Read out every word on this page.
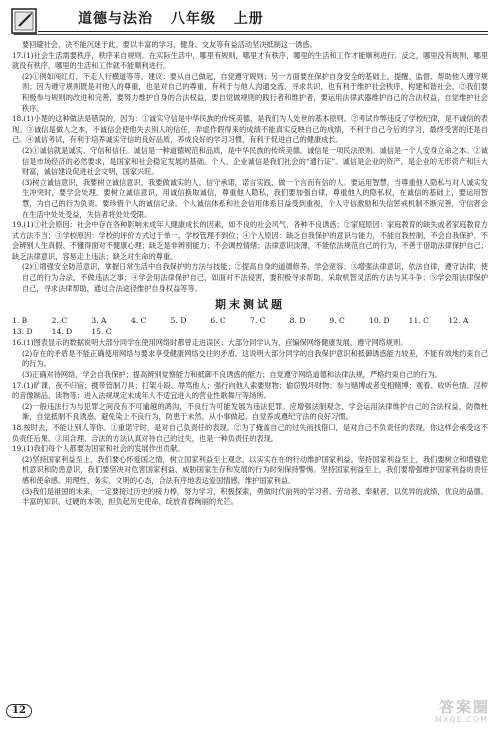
道德与法治 八年级 上册

要回避社会，决不能沉迷于此。要以丰富的学习、健身、交友等有益活动坚决抵制这一诱惑。

17.(1)社会生活需要秩序，秩序来自规则。在实际生活中，哪里有规则，哪里才有秩序，哪里的生活和工作才能顺利进行。反之，哪里没有规则，哪里就没有秩序，哪里的生活和工作就不能顺利进行。

(2)①例如闯红灯，不走人行横道等等。建议：要从自己做起，自觉遵守规则；另一方面要在保护自身安全的基础上，提醒、监督、帮助他人遵守规则；因为遵守规则既是对他人的尊重，也是对自己的尊重，有利于与他人沟通交流、寻求共识，也有利于维护社会秩序，构建和谐社会。②我们要积极参与规则的改进和完善，要努力维护自身的合法权益，要自觉做规则的践行者和维护者，要运用法律武器维护自己的合法权益，自觉维护社会秩序。

18.(1)小楚的这种做法是错误的，因为：①诚实守信是中华民族的传统美德，是我们为人处世的基本原则。②考试作弊违反了学校纪律，是不诚信的表现。③诚信是做人之本，不诚信会使他失去别人的信任，弄虚作假得来的成绩不能真实反映自己的成绩，不利于自己今后的学习，最终受害的还是自己。④诚信考试，有利于培养诚实守信的良好品质，养成良好的学习习惯，有利于促进自己的健康成长。

(2)①诚信就是诚实、守信和信任。诚信是一种道德规范和品质，是中华民族的传统美德。诚信是一项民法原则。诚信是一个人安身立命之本。②诚信是市场经济的必然要求，是国家和社会稳定发展的基础。个人、企业诚信是我们社会的“通行证”。诚信是企业的资产，是企业的无形资产和巨大财富，诚信建设促进社会文明，国家兴旺。

(3)树立诚信意识，我要树立诚信意识，我要做诚实的人。信守承诺，诺言实践，做一个言而有信的人。要运用智慧，当尊重他人隐私与对人诚实发生冲突时，要学会处理。要树立诚信意识，用诚信换取诚信，尊重他人隐私，我们要加强自律，尊重他人的隐私权，在诚信的基础上，要运用智慧，为自己的行为负责。要珍惜个人的诚信记录。个人诚信体系和社会信用体系日益受到重视，个人守信激励和失信惩戒机制不断完善，守信者会在生活中处处受益，失信者将处处受限。

19.(1)①社会原因：社会中存在各种影响未成年人健康成长的因素，如不良的社会风气、各种不良诱惑；②家庭原因：家庭教育的缺失或者家庭教育方式方法不当；③学校原因：学校的评价方式过于单一，学校管理不到位；④个人原因：缺乏自我保护的意识与能力，不能自我控制，不会自我保护、不会辨别人生真假、不懂得面对不健康心理；缺乏是非辨别能力；不会调控情绪；法律意识淡薄，不能依法规范自己的行为，不善于借助法律保护自己；缺乏法律意识，容易走上违法；缺乏对生命的尊重。

(2)①增强安全防范意识，掌握日常生活中自我保护的方法与技能；②提高自身的道德修养，学会宽容；③增强法律意识，依法自律，遵守法律，使自己的行为合法，不做违法之事；④学会用法律保护自己，如面对不法侵害，要积极寻求帮助，采取机智灵活的方法与其斗争；⑤学会用法律保护自己，寻求法律帮助，通过合法途径维护自身权益等等。

期末测试题
1. B	2. C	3. A	4. C	5. D	6. C	7. C	8. D	9. C	10. D	11. C	12. A
13. D	14. D	15. C

16.(1)图表显示的数据说明大部分同学在使用网络时都曾走进误区；大部分同学认为，应编保网络健康发展，遵守网络规则。

(2)存在的矛盾是不能正确使用网络与要求享受健康网络交往的矛盾。这说明大部分同学的自我保护意识和抵御诱惑能力较差，不能有效地约束自己的行为。

(3)正确对待网络，学会自我保护；提高辨别觉察能力和抵御不良诱惑的能力；自觉遵守网络道德和法律法规，严格约束自己的行为。

17.(1)旷课、夜不归宿；携带管制刀具；打架斗殴、辱骂他人；强行向他人索要财物；偷窃毁坏财物；参与赌博或者变相赌博；观看、收听色情、淫秽的音像制品、读物等；进入法规规定未成年人不适宜进入的营业性歌舞厅等场所。

(2)一般违法行为与犯罪之间没有不可逾越的鸿沟，不良行为可能发展为违法犯罪。应增强法制观念，学会运用法律维护自己的合法权益，防微杜渐，自觉抵制不良诱惑，避免染上不良行为，防患于未然，从小事做起，自觉养成遵纪守法的良好习惯。

18.按时去，不能让别人等你。①重诺守时，是对自己负责任的表现。②为了掩盖自己的过失而找借口，是对自己不负责任的表现，你这样会承受这不负责任后果。③用合理、合法的方法认真对待自己的过失，也是一种负责任的表现。

19.(1)我们每个人都要为国家和社会的发展作出贡献。

(2)坚持国家利益至上，我们要心怀爱国之情，树立国家利益至上观念，以实实在在的行动维护国家利益。坚持国家利益至上，我们要树立和增强危机意识和防患意识，我们要坚决对危害国家利益、威胁国家生存和发展的行为时刻保持警惕。坚持国家利益至上，我们要增强维护国家利益的责任感和使命感。用理性、务实、文明的心态，合法有序地表达爱国情感，维护国家利益。

(3)我们是祖国的未来，一定要接过历史的接力棒，努力学习，积极探索，勇做时代前列的学习者、劳动者、奉献者，以优异的成绩，优良的品德、丰富的知识、过硬的本领，担负起历史使命，绽放青春绚丽的光芒。

12	答案圈
MXQE.COM
